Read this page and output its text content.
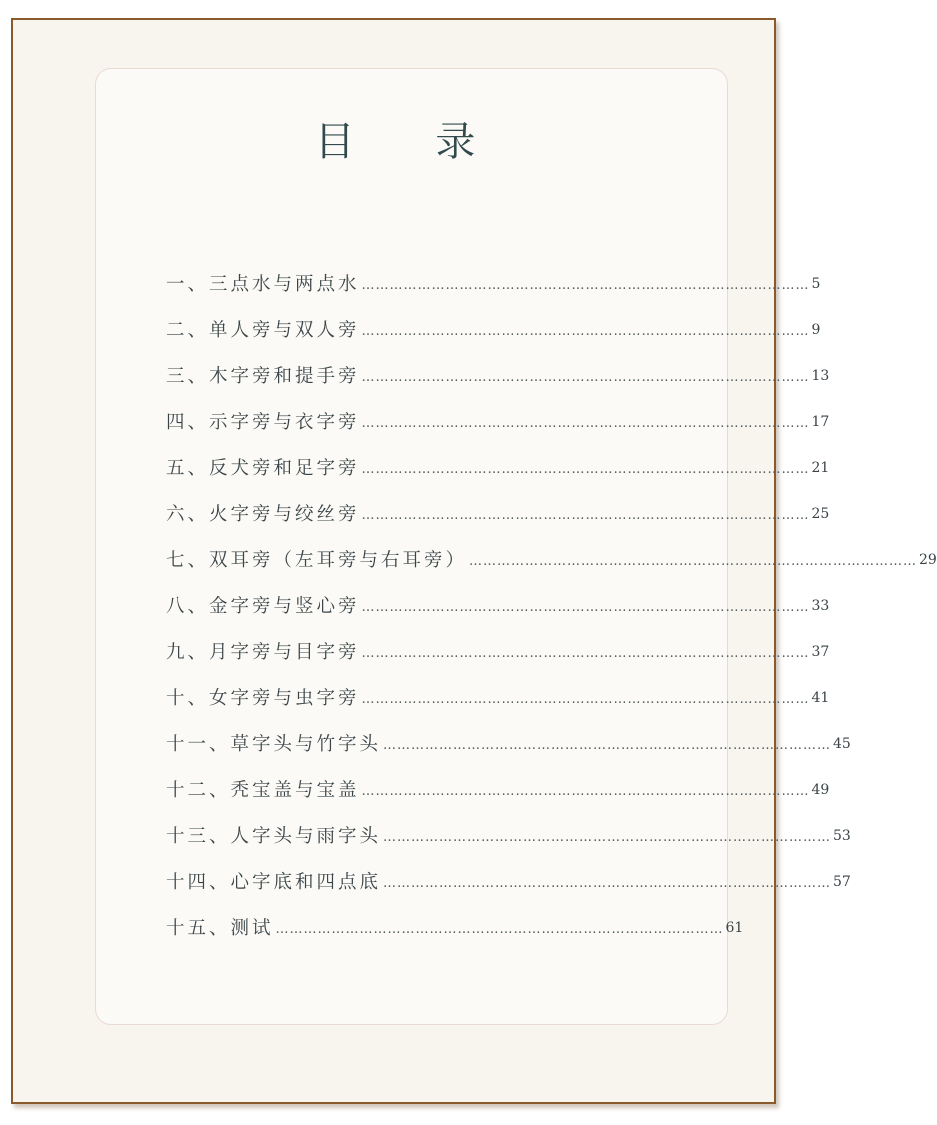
目 录
一、三点水与两点水 …………………………………………………………………………………… 5
二、单人旁与双人旁 …………………………………………………………………………………… 9
三、木字旁和提手旁 …………………………………………………………………………………… 13
四、示字旁与衣字旁 …………………………………………………………………………………… 17
五、反犬旁和足字旁 …………………………………………………………………………………… 21
六、火字旁与绞丝旁 …………………………………………………………………………………… 25
七、双耳旁（左耳旁与右耳旁） …………………………………………………………………………………… 29
八、金字旁与竖心旁 …………………………………………………………………………………… 33
九、月字旁与目字旁 …………………………………………………………………………………… 37
十、女字旁与虫字旁 …………………………………………………………………………………… 41
十一、草字头与竹字头 …………………………………………………………………………………… 45
十二、秃宝盖与宝盖 …………………………………………………………………………………… 49
十三、人字头与雨字头 …………………………………………………………………………………… 53
十四、心字底和四点底 …………………………………………………………………………………… 57
十五、测试 …………………………………………………………………………………… 61
